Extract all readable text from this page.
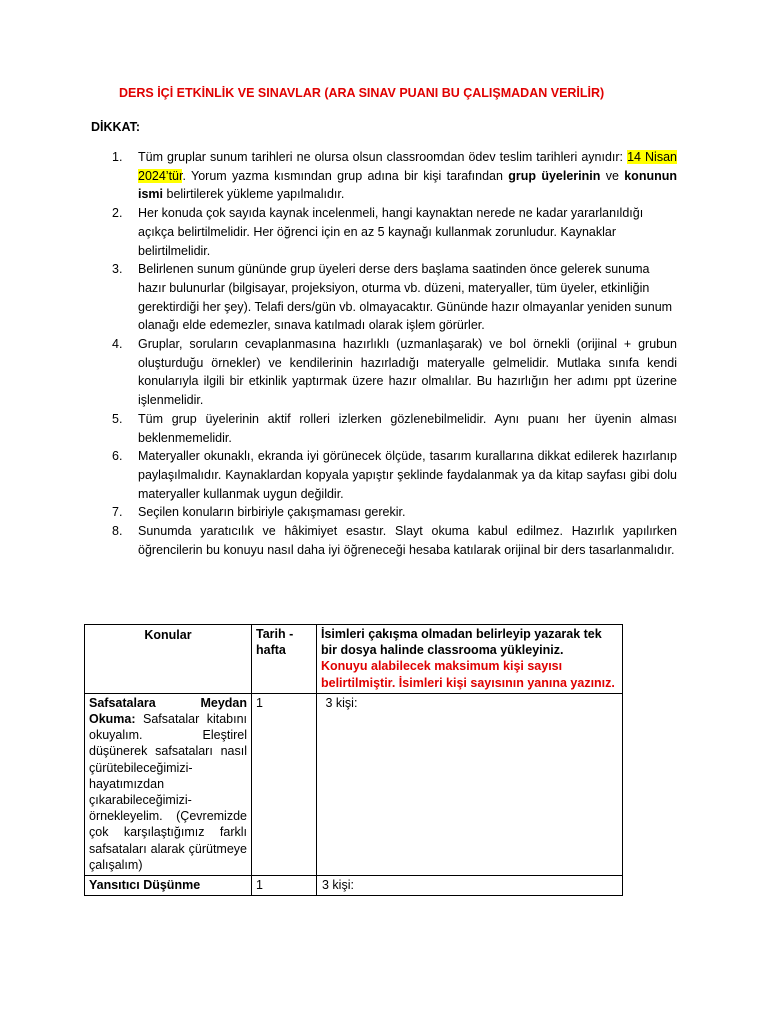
DERS İÇİ ETKİNLİK VE SINAVLAR (ARA SINAV PUANI BU ÇALIŞMADAN VERİLİR)
DİKKAT:
1. Tüm gruplar sunum tarihleri ne olursa olsun classroomdan ödev teslim tarihleri aynıdır: 14 Nisan 2024’tür. Yorum yazma kısmından grup adına bir kişi tarafından grup üyelerinin ve konunun ismi belirtilerek yükleme yapılmalıdır.
2. Her konuda çok sayıda kaynak incelenmeli, hangi kaynaktan nerede ne kadar yararlanıldığı açıkça belirtilmelidir. Her öğrenci için en az 5 kaynağı kullanmak zorunludur. Kaynaklar belirtilmelidir.
3. Belirlenen sunum gününde grup üyeleri derse ders başlama saatinden önce gelerek sunuma hazır bulunurlar (bilgisayar, projeksiyon, oturma vb. düzeni, materyaller, tüm üyeler, etkinliğin gerektirdiği her şey). Telafi ders/gün vb. olmayacaktır. Gününde hazır olmayanlar yeniden sunum olanağı elde edemezler, sınava katılmadı olarak işlem görürler.
4. Gruplar, soruların cevaplanmasına hazırlıklı (uzmanlaşarak) ve bol örnekli (orijinal + grubun oluşturduğu örnekler) ve kendilerinin hazırladığı materyalle gelmelidir. Mutlaka sınıfa kendi konularıyla ilgili bir etkinlik yaptırmak üzere hazır olmalılar. Bu hazırlığın her adımı ppt üzerine işlenmelidir.
5. Tüm grup üyelerinin aktif rolleri izlerken gözlenebilmelidir. Aynı puanı her üyenin alması beklenmemelidir.
6. Materyaller okunaklı, ekranda iyi görünecek ölçüde, tasarım kurallarına dikkat edilerek hazırlanıp paylaşılmalıdır. Kaynaklardan kopyala yapıştır şeklinde faydalanmak ya da kitap sayfası gibi dolu materyaller kullanmak uygun değildir.
7. Seçilen konuların birbiriyle çakışmaması gerekir.
8. Sunumda yaratıcılık ve hâkimiyet esastır. Slayt okuma kabul edilmez. Hazırlık yapılırken öğrencilerin bu konuyu nasıl daha iyi öğreneceği hesaba katılarak orijinal bir ders tasarlanmalıdır.
Konular	Tarih - hafta	İsimleri çakışma olmadan belirleyip yazarak tek bir dosya halinde classrooma yükleyiniz.
Konuyu alabilecek maksimum kişi sayısı belirtilmiştir. İsimleri kişi sayısının yanına yazınız.

Safsatalara Meydan Okuma: Safsatalar kitabını okuyalım. Eleştirel düşünerek safsataları nasıl çürütebileceğimizi- hayatımızdan çıkarabileceğimizi- örnekleyelim. (Çevremizde çok karşılaştığımız farklı safsataları alarak çürütmeye çalışalım)	1	3 kişi:
Yansıtıcı Düşünme	1	3 kişi:
